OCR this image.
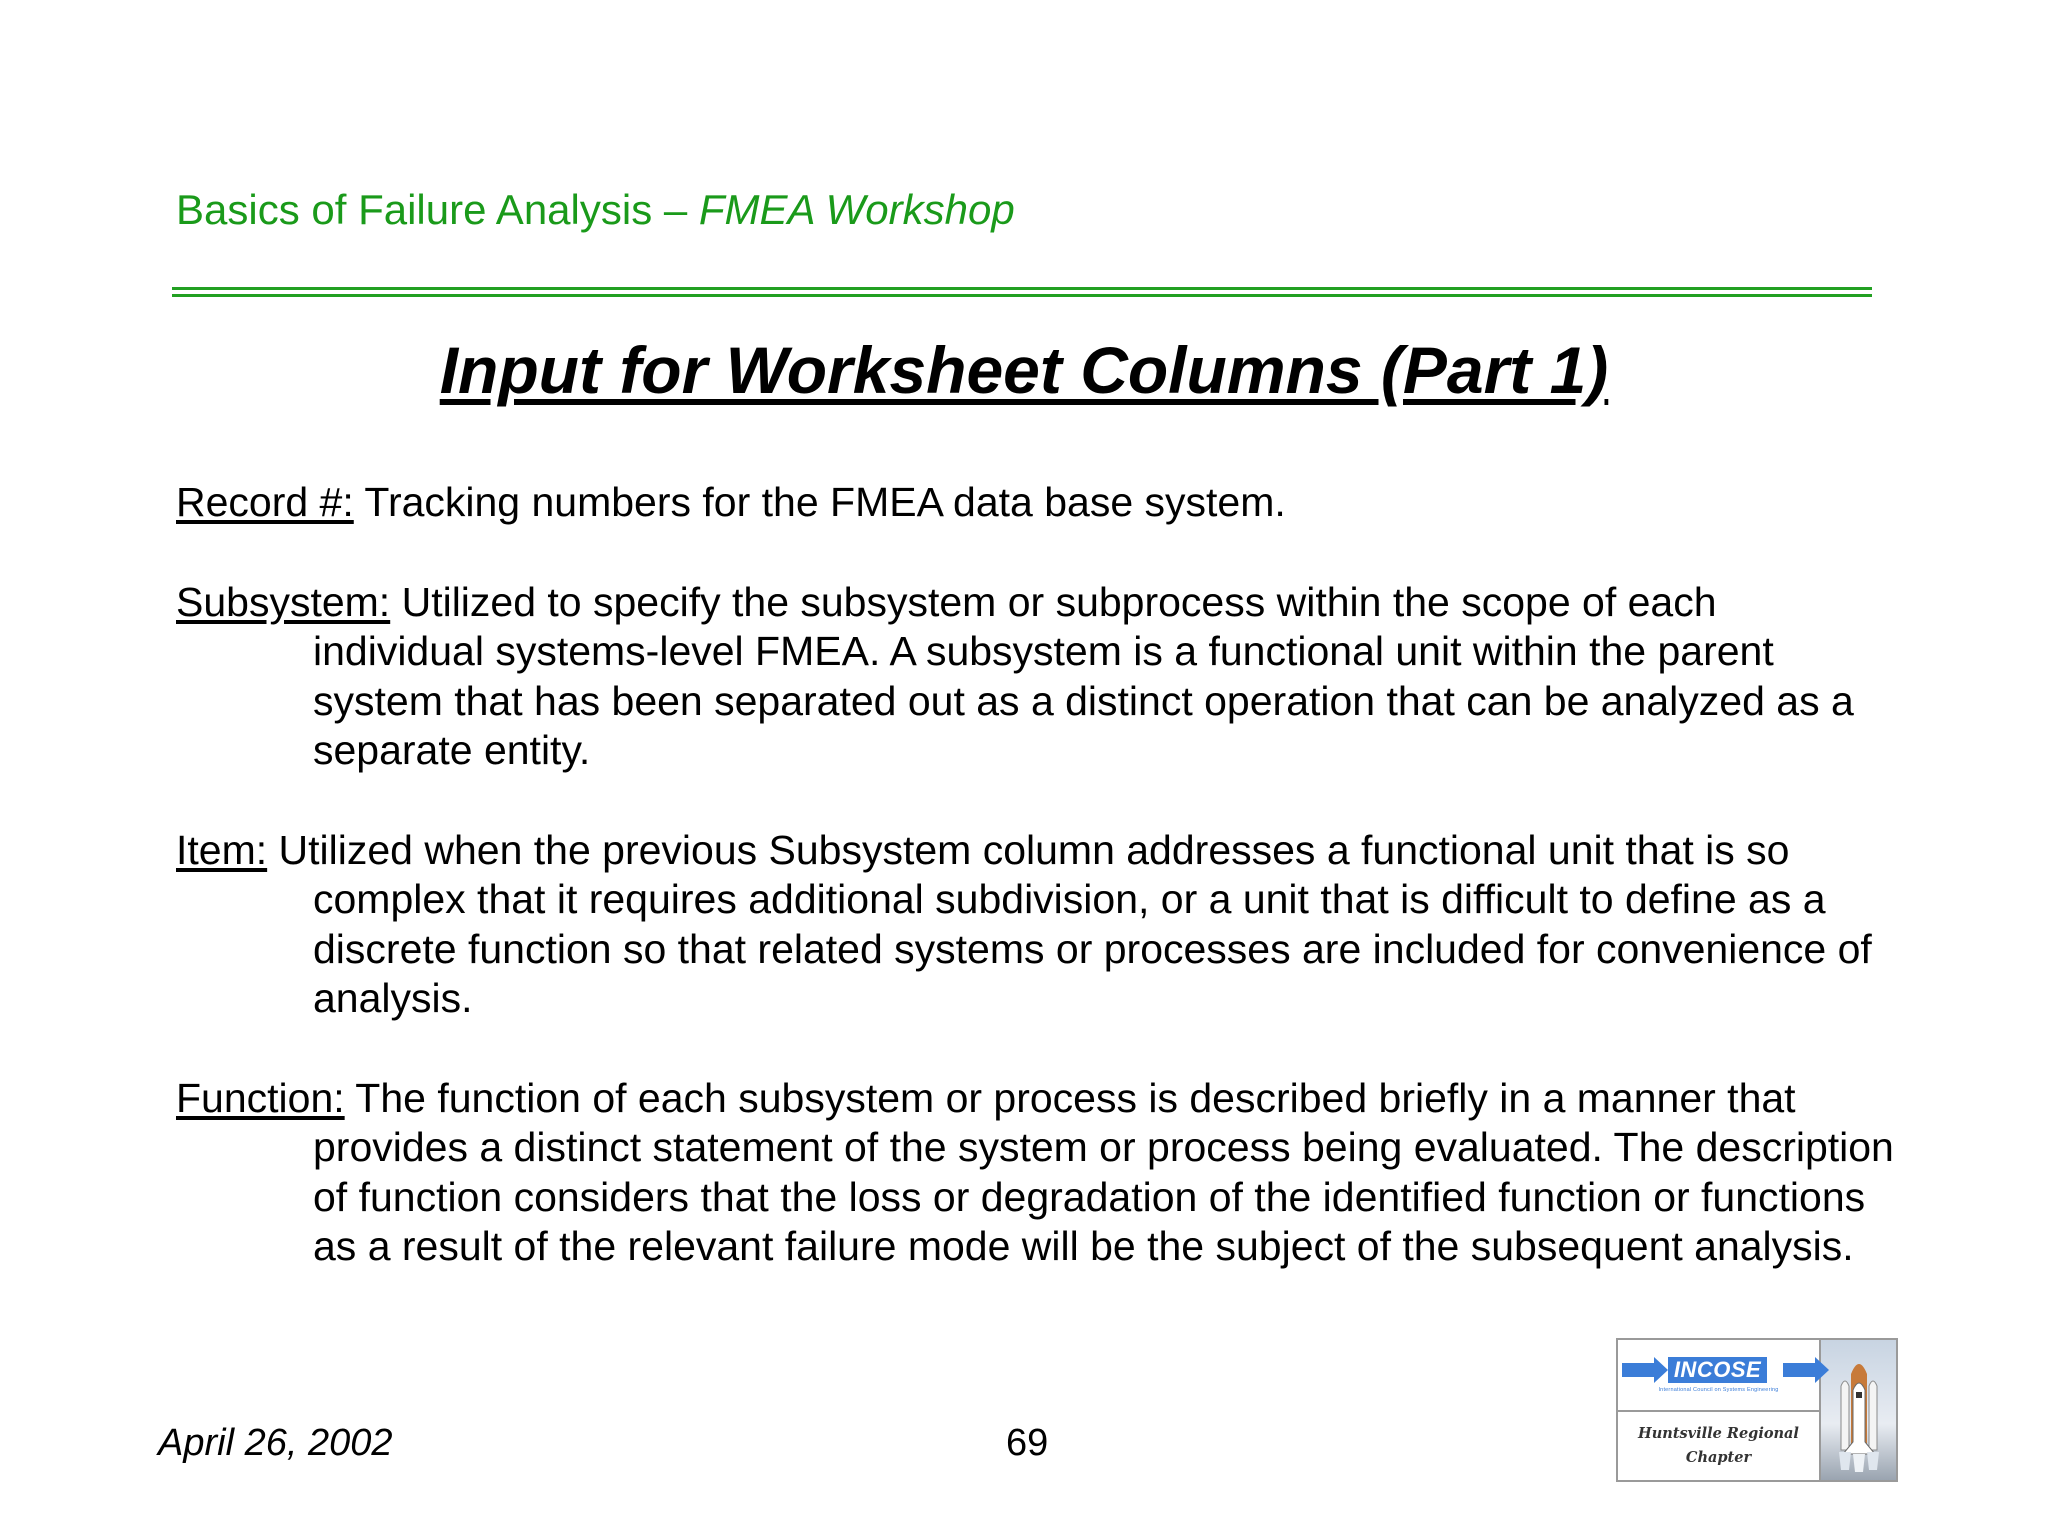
Basics of Failure Analysis – FMEA Workshop
Input for Worksheet Columns (Part 1)
Record #: Tracking numbers for the FMEA data base system.
Subsystem: Utilized to specify the subsystem or subprocess within the scope of each individual systems-level FMEA. A subsystem is a functional unit within the parent system that has been separated out as a distinct operation that can be analyzed as a separate entity.
Item: Utilized when the previous Subsystem column addresses a functional unit that is so complex that it requires additional subdivision, or a unit that is difficult to define as a discrete function so that related systems or processes are included for convenience of analysis.
Function: The function of each subsystem or process is described briefly in a manner that provides a distinct statement of the system or process being evaluated. The description of function considers that the loss or degradation of the identified function or functions as a result of the relevant failure mode will be the subject of the subsequent analysis.
April 26, 2002	69
INCOSE
International Council on Systems Engineering
Huntsville Regional
Chapter
